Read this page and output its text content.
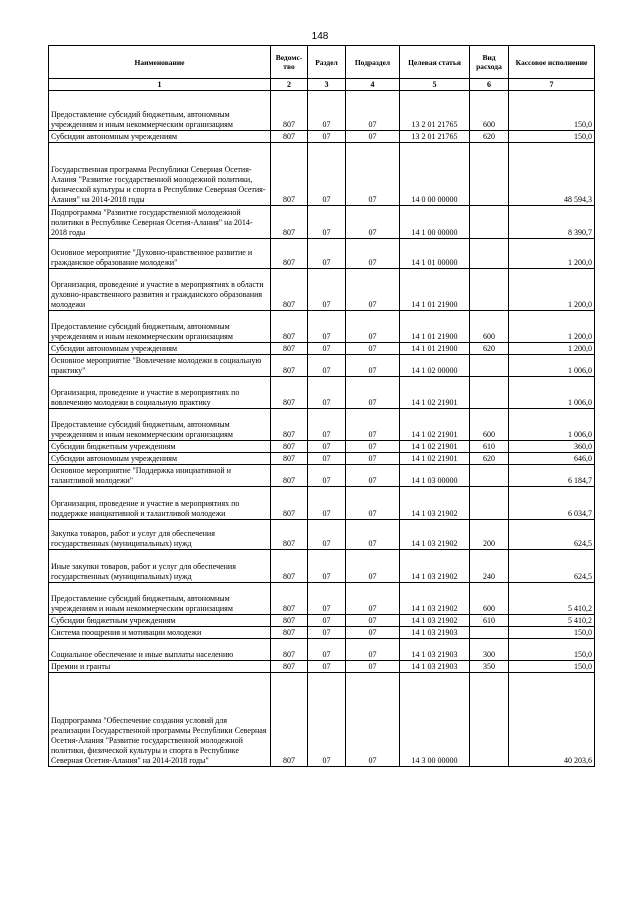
148
Наименование	Ведомс-тво	Раздел	Подраздел	Целевая статья	Вид расхода	Кассовое исполнение
1	2	3	4	5	6	7
Предоставление субсидий бюджетным, автономным учреждениям и иным некоммерческим организациям	807	07	07	13 2 01 21765	600	150,0
Субсидии автономным учреждениям	807	07	07	13 2 01 21765	620	150,0
Государственная программа Республики Северная Осетия-Алания "Развитие государственной молодежной политики, физической культуры и спорта в Республике Северная Осетия-Алания" на 2014-2018 годы	807	07	07	14 0 00 00000		48 594,3
Подпрограмма "Развитие государственной молодежной политики в Республике Северная Осетия-Алания" на 2014-2018 годы	807	07	07	14 1 00 00000		8 390,7
Основное мероприятие "Духовно-нравственное развитие и гражданское образование молодежи"	807	07	07	14 1 01 00000		1 200,0
Организация, проведение и участие в мероприятиях в области духовно-нравственного развития и гражданского образования молодежи	807	07	07	14 1 01 21900		1 200,0
Предоставление субсидий бюджетным, автономным учреждениям и иным некоммерческим организациям	807	07	07	14 1 01 21900	600	1 200,0
Субсидии автономным учреждениям	807	07	07	14 1 01 21900	620	1 200,0
Основное мероприятие "Вовлечение молодежи в социальную практику"	807	07	07	14 1 02 00000		1 006,0
Организация, проведение и участие в мероприятиях по вовлечению молодежи в социальную практику	807	07	07	14 1 02 21901		1 006,0
Предоставление субсидий бюджетным, автономным учреждениям и иным некоммерческим организациям	807	07	07	14 1 02 21901	600	1 006,0
Субсидии бюджетным учреждениям	807	07	07	14 1 02 21901	610	360,0
Субсидии автономным учреждениям	807	07	07	14 1 02 21901	620	646,0
Основное мероприятие "Поддержка инициативной и талантливой молодежи"	807	07	07	14 1 03 00000		6 184,7
Организация, проведение и участие в мероприятиях по поддержке инициативной и талантливой молодежи	807	07	07	14 1 03 21902		6 034,7
Закупка товаров, работ и услуг для обеспечения государственных (муниципальных) нужд	807	07	07	14 1 03 21902	200	624,5
Иные закупки товаров, работ и услуг для обеспечения государственных (муниципальных) нужд	807	07	07	14 1 03 21902	240	624,5
Предоставление субсидий бюджетным, автономным учреждениям и иным некоммерческим организациям	807	07	07	14 1 03 21902	600	5 410,2
Субсидии бюджетным учреждениям	807	07	07	14 1 03 21902	610	5 410,2
Система поощрения и мотивации молодежи	807	07	07	14 1 03 21903		150,0
Социальное обеспечение и иные выплаты населению	807	07	07	14 1 03 21903	300	150,0
Премии и гранты	807	07	07	14 1 03 21903	350	150,0
Подпрограмма "Обеспечение создания условий для реализации Государственной программы Республики Северная Осетия-Алания "Развитие государственной молодежной политики, физической культуры и спорта в Республике Северная Осетия-Алания" на 2014-2018 годы"	807	07	07	14 3 00 00000		40 203,6
